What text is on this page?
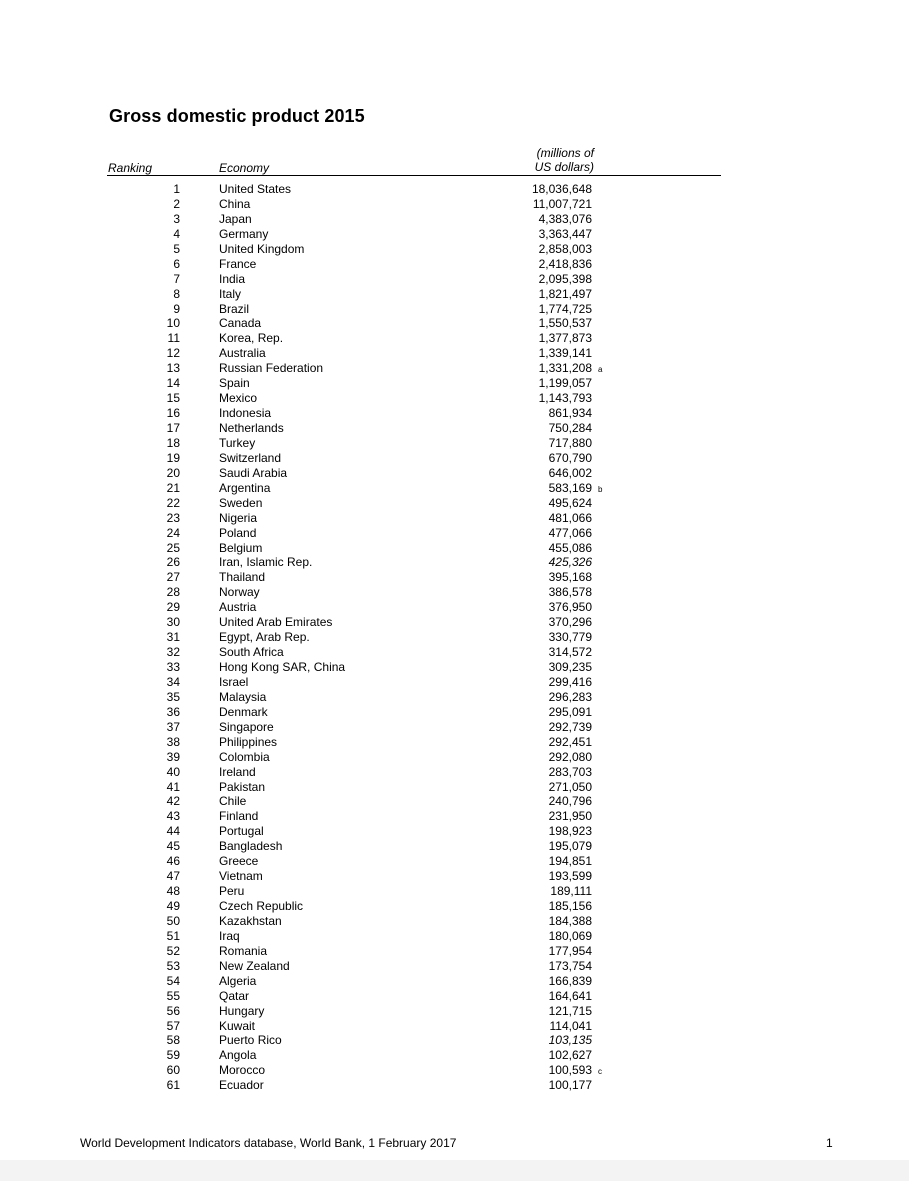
Gross domestic product 2015
Ranking	Economy
(millions of
US dollars)
1	United States	18,036,648
2	China	11,007,721
3	Japan	4,383,076
4	Germany	3,363,447
5	United Kingdom	2,858,003
6	France	2,418,836
7	India	2,095,398
8	Italy	1,821,497
9	Brazil	1,774,725
10	Canada	1,550,537
11	Korea, Rep.	1,377,873
12	Australia	1,339,141
13	Russian Federation	1,331,208 a
14	Spain	1,199,057
15	Mexico	1,143,793
16	Indonesia	861,934
17	Netherlands	750,284
18	Turkey	717,880
19	Switzerland	670,790
20	Saudi Arabia	646,002
21	Argentina	583,169 b
22	Sweden	495,624
23	Nigeria	481,066
24	Poland	477,066
25	Belgium	455,086
26	Iran, Islamic Rep.	425,326
27	Thailand	395,168
28	Norway	386,578
29	Austria	376,950
30	United Arab Emirates	370,296
31	Egypt, Arab Rep.	330,779
32	South Africa	314,572
33	Hong Kong SAR, China	309,235
34	Israel	299,416
35	Malaysia	296,283
36	Denmark	295,091
37	Singapore	292,739
38	Philippines	292,451
39	Colombia	292,080
40	Ireland	283,703
41	Pakistan	271,050
42	Chile	240,796
43	Finland	231,950
44	Portugal	198,923
45	Bangladesh	195,079
46	Greece	194,851
47	Vietnam	193,599
48	Peru	189,111
49	Czech Republic	185,156
50	Kazakhstan	184,388
51	Iraq	180,069
52	Romania	177,954
53	New Zealand	173,754
54	Algeria	166,839
55	Qatar	164,641
56	Hungary	121,715
57	Kuwait	114,041
58	Puerto Rico	103,135
59	Angola	102,627
60	Morocco	100,593 c
61	Ecuador	100,177
World Development Indicators database, World Bank, 1 February 2017	1
